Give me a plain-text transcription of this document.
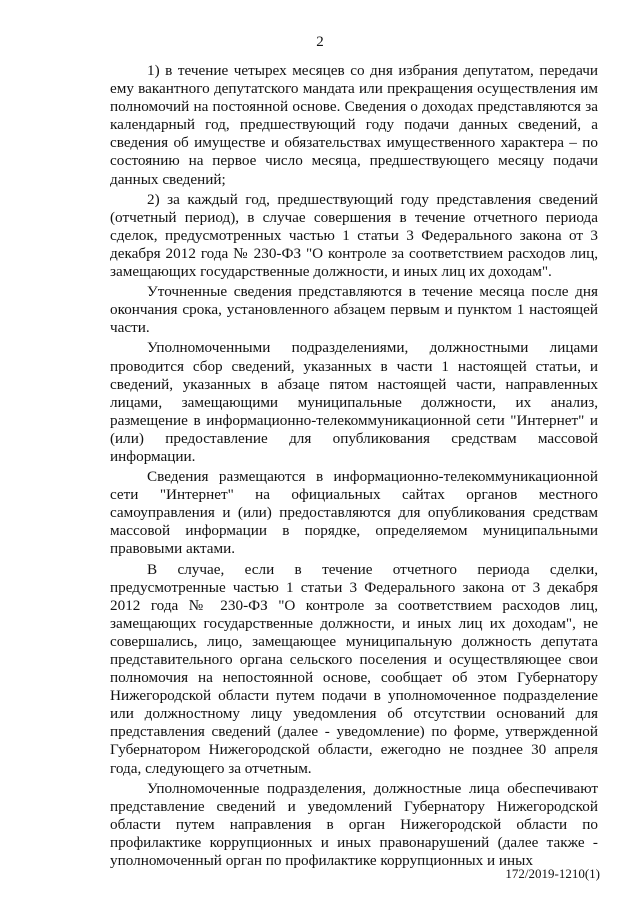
2

1) в течение четырех месяцев со дня избрания депутатом, передачи ему вакантного депутатского мандата или прекращения осуществления им полномочий на постоянной основе. Сведения о доходах представляются за календарный год, предшествующий году подачи данных сведений, а сведения об имуществе и обязательствах имущественного характера – по состоянию на первое число месяца, предшествующего месяцу подачи данных сведений;

2) за каждый год, предшествующий году представления сведений (отчетный период), в случае совершения в течение отчетного периода сделок, предусмотренных частью 1 статьи 3 Федерального закона от 3 декабря 2012 года № 230-ФЗ "О контроле за соответствием расходов лиц, замещающих государственные должности, и иных лиц их доходам".

Уточненные сведения представляются в течение месяца после дня окончания срока, установленного абзацем первым и пунктом 1 настоящей части.

Уполномоченными подразделениями, должностными лицами проводится сбор сведений, указанных в части 1 настоящей статьи, и сведений, указанных в абзаце пятом настоящей части, направленных лицами, замещающими муниципальные должности, их анализ, размещение в информационно-телекоммуникационной сети "Интернет" и (или) предоставление для опубликования средствам массовой информации.

Сведения размещаются в информационно-телекоммуникационной сети "Интернет" на официальных сайтах органов местного самоуправления и (или) предоставляются для опубликования средствам массовой информации в порядке, определяемом муниципальными правовыми актами.

В случае, если в течение отчетного периода сделки, предусмотренные частью 1 статьи 3 Федерального закона от 3 декабря 2012 года № 230-ФЗ "О контроле за соответствием расходов лиц, замещающих государственные должности, и иных лиц их доходам", не совершались, лицо, замещающее муниципальную должность депутата представительного органа сельского поселения и осуществляющее свои полномочия на непостоянной основе, сообщает об этом Губернатору Нижегородской области путем подачи в уполномоченное подразделение или должностному лицу уведомления об отсутствии оснований для представления сведений (далее - уведомление) по форме, утвержденной Губернатором Нижегородской области, ежегодно не позднее 30 апреля года, следующего за отчетным.

Уполномоченные подразделения, должностные лица обеспечивают представление сведений и уведомлений Губернатору Нижегородской области путем направления в орган Нижегородской области по профилактике коррупционных и иных правонарушений (далее также - уполномоченный орган по профилактике коррупционных и иных

172/2019-1210(1)
